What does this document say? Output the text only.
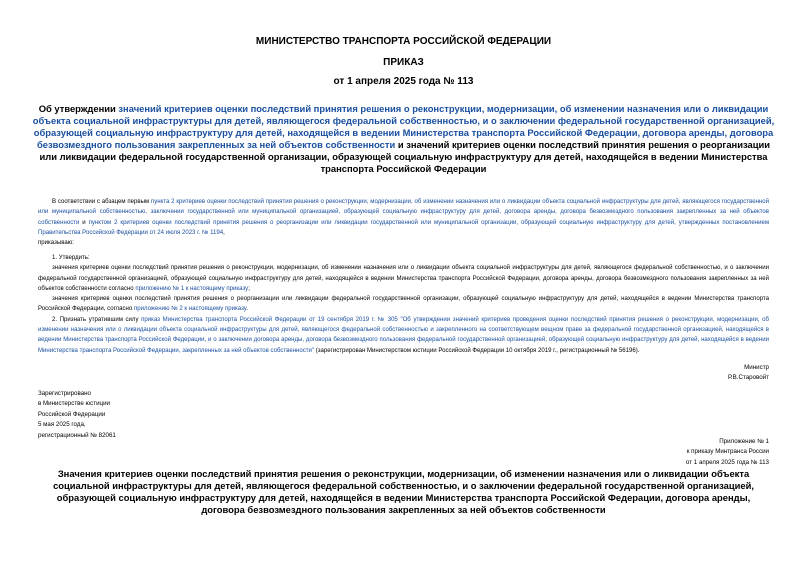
МИНИСТЕРСТВО ТРАНСПОРТА РОССИЙСКОЙ ФЕДЕРАЦИИ
ПРИКАЗ
от 1 апреля 2025 года № 113
Об утверждении значений критериев оценки последствий принятия решения о реконструкции, модернизации, об изменении назначения или о ликвидации объекта социальной инфраструктуры для детей, являющегося федеральной собственностью, и о заключении федеральной государственной организацией, образующей социальную инфраструктуру для детей, находящейся в ведении Министерства транспорта Российской Федерации, договора аренды, договора безвозмездного пользования закрепленных за ней объектов собственности и значений критериев оценки последствий принятия решения о реорганизации или ликвидации федеральной государственной организации, образующей социальную инфраструктуру для детей, находящейся в ведении Министерства транспорта Российской Федерации

В соответствии с абзацем первым пункта 2 критериев оценки последствий принятия решения о реконструкции, модернизации, об изменении назначения или о ликвидации объекта социальной инфраструктуры для детей, являющегося государственной или муниципальной собственностью, заключении государственной или муниципальной организацией, образующей социальную инфраструктуру для детей, договора аренды, договора безвозмездного пользования закрепленных за ней объектов собственности и пунктом 2 критериев оценки последствий принятия решения о реорганизации или ликвидации государственной или муниципальной организации, образующей социальную инфраструктуру для детей, утвержденных постановлением Правительства Российской Федерации от 24 июля 2023 г. № 1194,

приказываю:

1. Утвердить:

значения критериев оценки последствий принятия решения о реконструкции, модернизации, об изменении назначения или о ликвидации объекта социальной инфраструктуры для детей, являющегося федеральной собственностью, и о заключении федеральной государственной организацией, образующей социальную инфраструктуру для детей, находящейся в ведении Министерства транспорта Российской Федерации, договора аренды, договора безвозмездного пользования закрепленных за ней объектов собственности согласно приложению № 1 к настоящему приказу;

значения критериев оценки последствий принятия решения о реорганизации или ликвидации федеральной государственной организации, образующей социальную инфраструктуру для детей, находящейся в ведении Министерства транспорта Российской Федерации, согласно приложению № 2 к настоящему приказу.

2. Признать утратившим силу приказ Министерства транспорта Российской Федерации от 19 сентября 2019 г. № 305 "Об утверждении значений критериев проведения оценки последствий принятия решения о реконструкции, модернизации, об изменении назначения или о ликвидации объекта социальной инфраструктуры для детей, являющегося федеральной собственностью и закрепленного на соответствующем вещном праве за федеральной государственной организацией, находящейся в ведении Министерства транспорта Российской Федерации, и о заключении договора аренды, договора безвозмездного пользования федеральной государственной организацией, образующей социальную инфраструктуру для детей, находящейся в ведении Министерства транспорта Российской Федерации, закрепленных за ней объектов собственности" (зарегистрирован Министерством юстиции Российской Федерации 10 октября 2019 г., регистрационный № 56196).

Министр
Р.В.Старовойт
Зарегистрировано
в Министерстве юстиции
Российской Федерации
5 мая 2025 года,
регистрационный № 82061
Приложение № 1
к приказу Минтранса России
от 1 апреля 2025 года № 113
Значения критериев оценки последствий принятия решения о реконструкции, модернизации, об изменении назначения или о ликвидации объекта социальной инфраструктуры для детей, являющегося федеральной собственностью, и о заключении федеральной государственной организацией, образующей социальную инфраструктуру для детей, находящейся в ведении Министерства транспорта Российской Федерации, договора аренды, договора безвозмездного пользования закрепленных за ней объектов собственности
